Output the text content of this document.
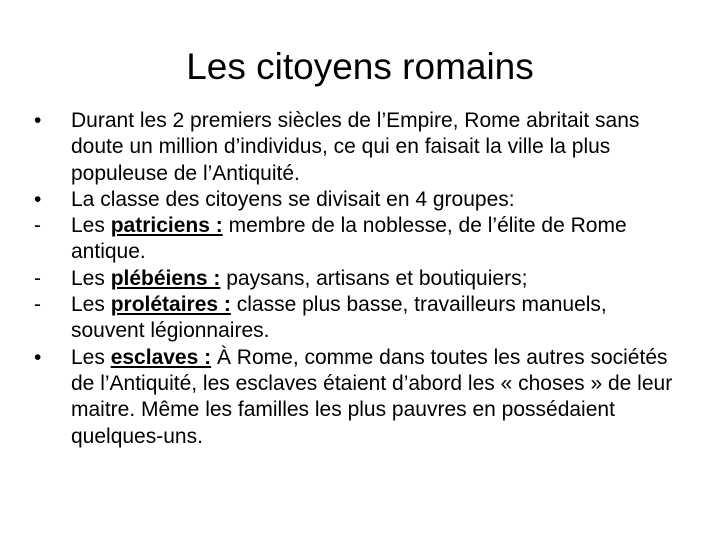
Les citoyens romains
•	Durant les 2 premiers siècles de l’Empire, Rome abritait sans doute un million d’individus, ce qui en faisait la ville la plus populeuse de l’Antiquité.
•	La classe des citoyens se divisait en 4 groupes:
-	Les patriciens : membre de la noblesse, de l’élite de Rome antique.
-	Les plébéiens : paysans, artisans et boutiquiers;
-	Les prolétaires : classe plus basse, travailleurs manuels, souvent légionnaires.
•	Les esclaves : À Rome, comme dans toutes les autres sociétés de l’Antiquité, les esclaves étaient d’abord les « choses » de leur maitre. Même les familles les plus pauvres en possédaient quelques-uns.
